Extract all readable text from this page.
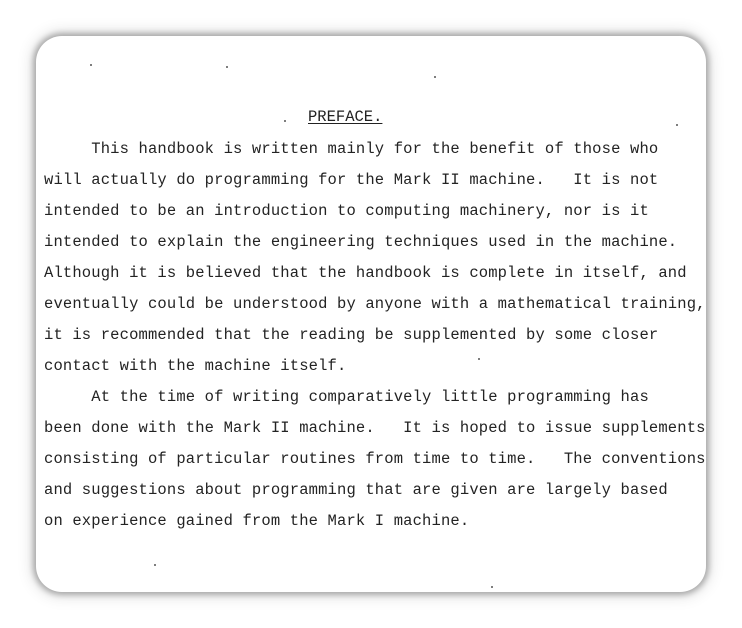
PREFACE.
This handbook is written mainly for the benefit of those who
will actually do programming for the Mark II machine.   It is not
intended to be an introduction to computing machinery, nor is it
intended to explain the engineering techniques used in the machine.
Although it is believed that the handbook is complete in itself, and
eventually could be understood by anyone with a mathematical training,
it is recommended that the reading be supplemented by some closer
contact with the machine itself.
At the time of writing comparatively little programming has
been done with the Mark II machine.   It is hoped to issue supplements
consisting of particular routines from time to time.   The conventions
and suggestions about programming that are given are largely based
on experience gained from the Mark I machine.
